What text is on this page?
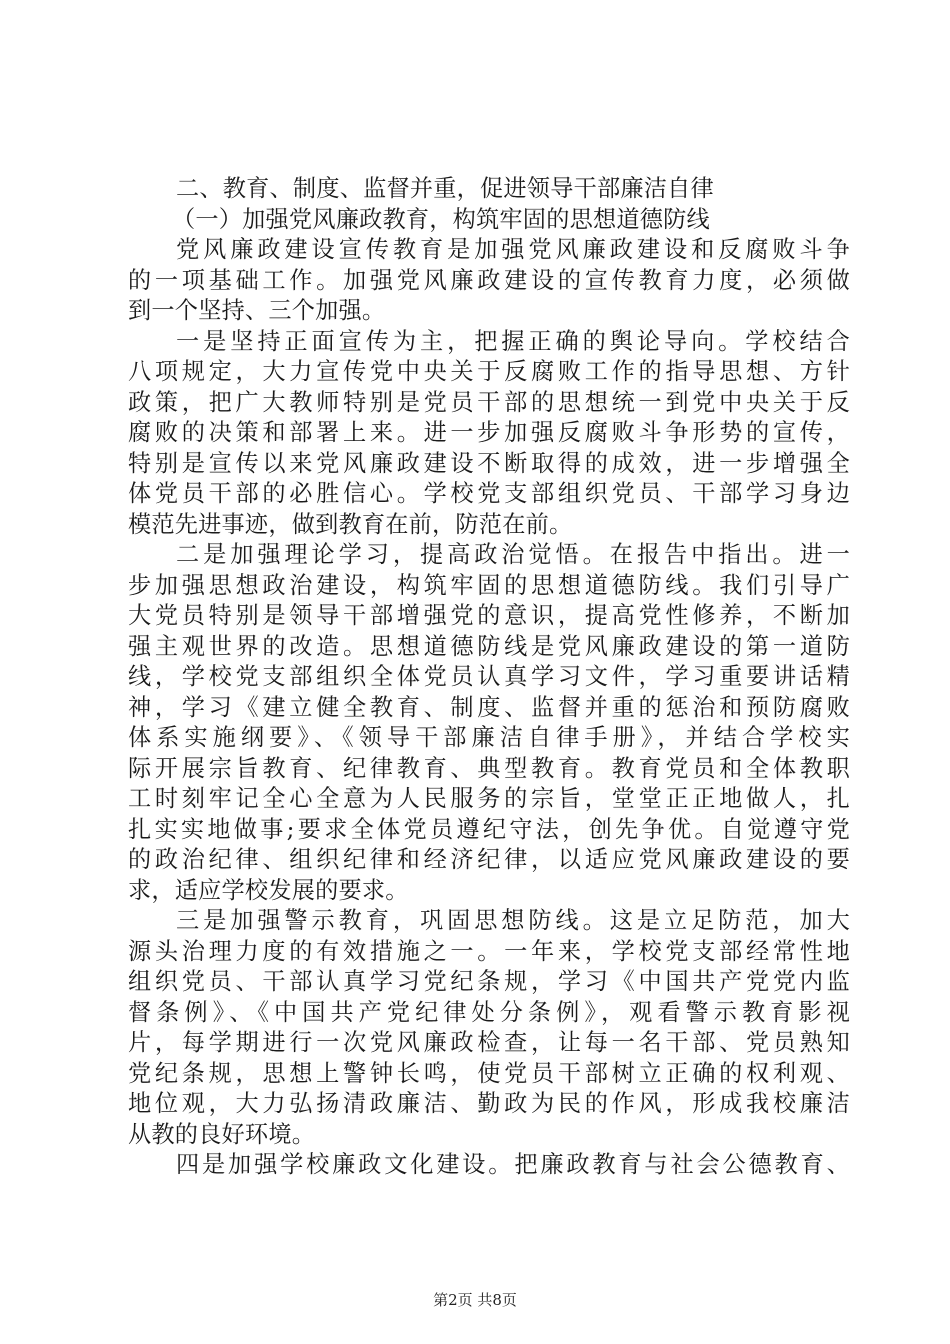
二、教育、制度、监督并重，促进领导干部廉洁自律
（一）加强党风廉政教育，构筑牢固的思想道德防线
党风廉政建设宣传教育是加强党风廉政建设和反腐败斗争
的一项基础工作。加强党风廉政建设的宣传教育力度，必须做
到一个坚持、三个加强。
一是坚持正面宣传为主，把握正确的舆论导向。学校结合
八项规定，大力宣传党中央关于反腐败工作的指导思想、方针
政策，把广大教师特别是党员干部的思想统一到党中央关于反
腐败的决策和部署上来。进一步加强反腐败斗争形势的宣传，
特别是宣传以来党风廉政建设不断取得的成效，进一步增强全
体党员干部的必胜信心。学校党支部组织党员、干部学习身边
模范先进事迹，做到教育在前，防范在前。
二是加强理论学习，提高政治觉悟。在报告中指出。进一
步加强思想政治建设，构筑牢固的思想道德防线。我们引导广
大党员特别是领导干部增强党的意识，提高党性修养，不断加
强主观世界的改造。思想道德防线是党风廉政建设的第一道防
线，学校党支部组织全体党员认真学习文件，学习重要讲话精
神，学习《建立健全教育、制度、监督并重的惩治和预防腐败
体系实施纲要》、《领导干部廉洁自律手册》，并结合学校实
际开展宗旨教育、纪律教育、典型教育。教育党员和全体教职
工时刻牢记全心全意为人民服务的宗旨，堂堂正正地做人，扎
扎实实地做事;要求全体党员遵纪守法，创先争优。自觉遵守党
的政治纪律、组织纪律和经济纪律，以适应党风廉政建设的要
求，适应学校发展的要求。
三是加强警示教育，巩固思想防线。这是立足防范，加大
源头治理力度的有效措施之一。一年来，学校党支部经常性地
组织党员、干部认真学习党纪条规，学习《中国共产党党内监
督条例》、《中国共产党纪律处分条例》，观看警示教育影视
片，每学期进行一次党风廉政检查，让每一名干部、党员熟知
党纪条规，思想上警钟长鸣，使党员干部树立正确的权利观、
地位观，大力弘扬清政廉洁、勤政为民的作风，形成我校廉洁
从教的良好环境。
四是加强学校廉政文化建设。把廉政教育与社会公德教育、
第2页 共8页
